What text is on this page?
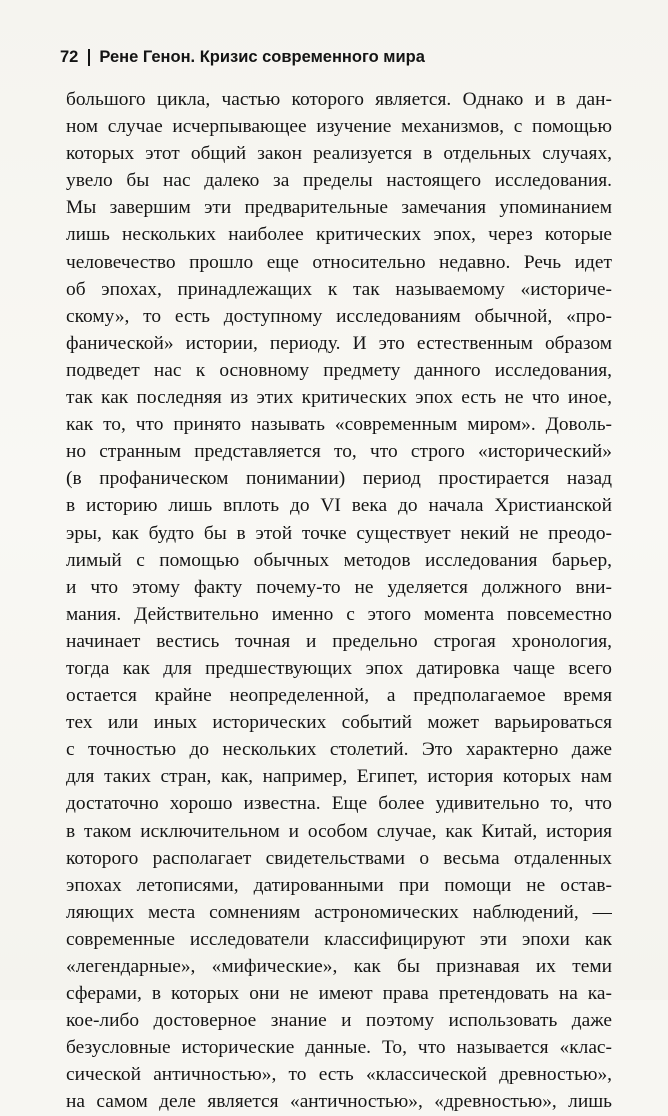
72 Рене Генон. Кризис современного мира
большого цикла, частью которого является. Однако и в дан-
ном случае исчерпывающее изучение механизмов, с помощью
которых этот общий закон реализуется в отдельных случаях,
увело бы нас далеко за пределы настоящего исследования.
Мы завершим эти предварительные замечания упоминанием
лишь нескольких наиболее критических эпох, через которые
человечество прошло еще относительно недавно. Речь идет
об эпохах, принадлежащих к так называемому «историче-
скому», то есть доступному исследованиям обычной, «про-
фанической» истории, периоду. И это естественным образом
подведет нас к основному предмету данного исследования,
так как последняя из этих критических эпох есть не что иное,
как то, что принято называть «современным миром». Доволь-
но странным представляется то, что строго «исторический»
(в профаническом понимании) период простирается назад
в историю лишь вплоть до VI века до начала Христианской
эры, как будто бы в этой точке существует некий не преодо-
лимый с помощью обычных методов исследования барьер,
и что этому факту почему-то не уделяется должного вни-
мания. Действительно именно с этого момента повсеместно
начинает вестись точная и предельно строгая хронология,
тогда как для предшествующих эпох датировка чаще всего
остается крайне неопределенной, а предполагаемое время
тех или иных исторических событий может варьироваться
с точностью до нескольких столетий. Это характерно даже
для таких стран, как, например, Египет, история которых нам
достаточно хорошо известна. Еще более удивительно то, что
в таком исключительном и особом случае, как Китай, история
которого располагает свидетельствами о весьма отдаленных
эпохах летописями, датированными при помощи не остав-
ляющих места сомнениям астрономических наблюдений, —
современные исследователи классифицируют эти эпохи как
«легендарные», «мифические», как бы признавая их теми
сферами, в которых они не имеют права претендовать на ка-
кое-либо достоверное знание и поэтому использовать даже
безусловные исторические данные. То, что называется «клас-
сической античностью», то есть «классической древностью»,
на самом деле является «античностью», «древностью», лишь
